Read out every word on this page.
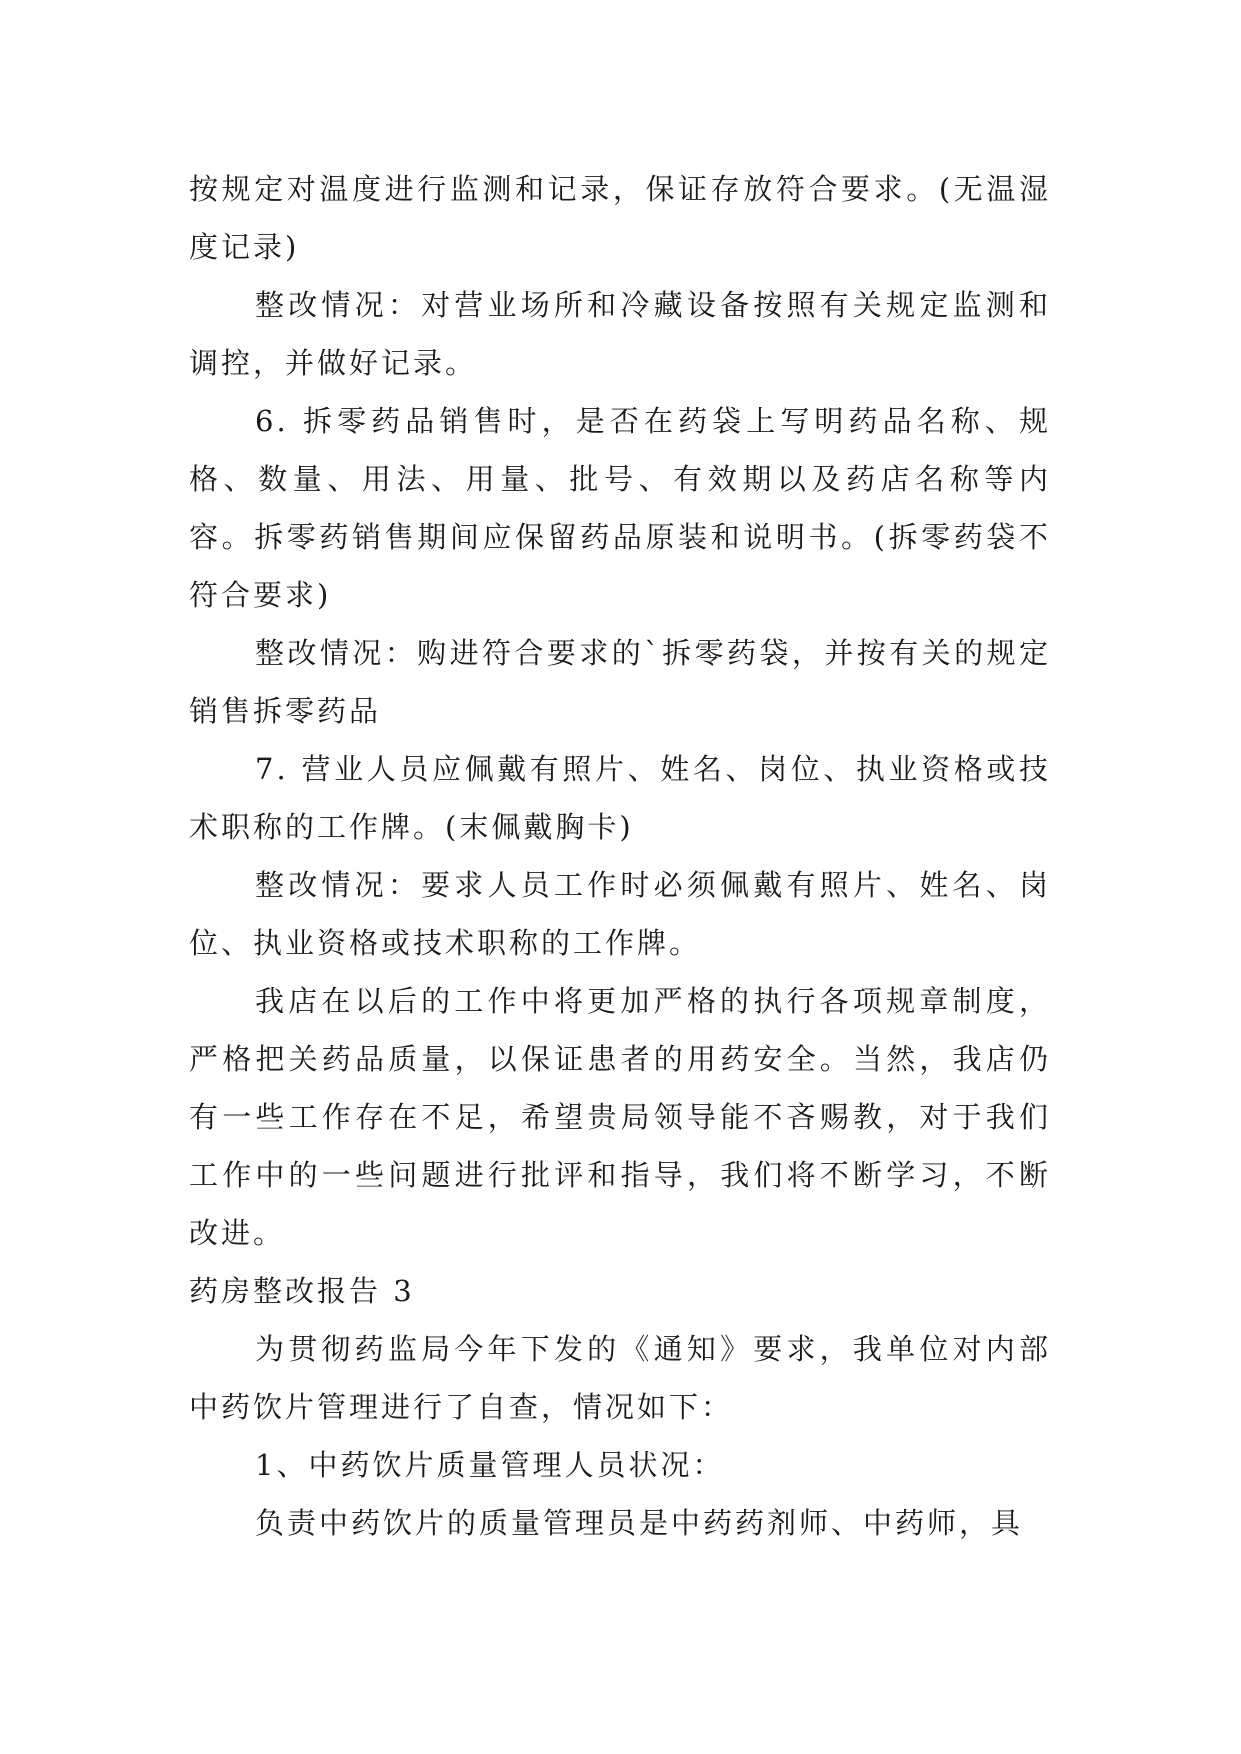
按规定对温度进行监测和记录，保证存放符合要求。(无温湿度记录)

整改情况：对营业场所和冷藏设备按照有关规定监测和调控，并做好记录。

6. 拆零药品销售时，是否在药袋上写明药品名称、规格、数量、用法、用量、批号、有效期以及药店名称等内容。拆零药销售期间应保留药品原装和说明书。(拆零药袋不符合要求)

整改情况：购进符合要求的`拆零药袋，并按有关的规定销售拆零药品

7. 营业人员应佩戴有照片、姓名、岗位、执业资格或技术职称的工作牌。(末佩戴胸卡)

整改情况：要求人员工作时必须佩戴有照片、姓名、岗位、执业资格或技术职称的工作牌。

我店在以后的工作中将更加严格的执行各项规章制度，严格把关药品质量，以保证患者的用药安全。当然，我店仍有一些工作存在不足，希望贵局领导能不吝赐教，对于我们工作中的一些问题进行批评和指导，我们将不断学习，不断改进。

药房整改报告 3

为贯彻药监局今年下发的《通知》要求，我单位对内部中药饮片管理进行了自查，情况如下：

1、中药饮片质量管理人员状况：

负责中药饮片的质量管理员是中药药剂师、中药师，具
